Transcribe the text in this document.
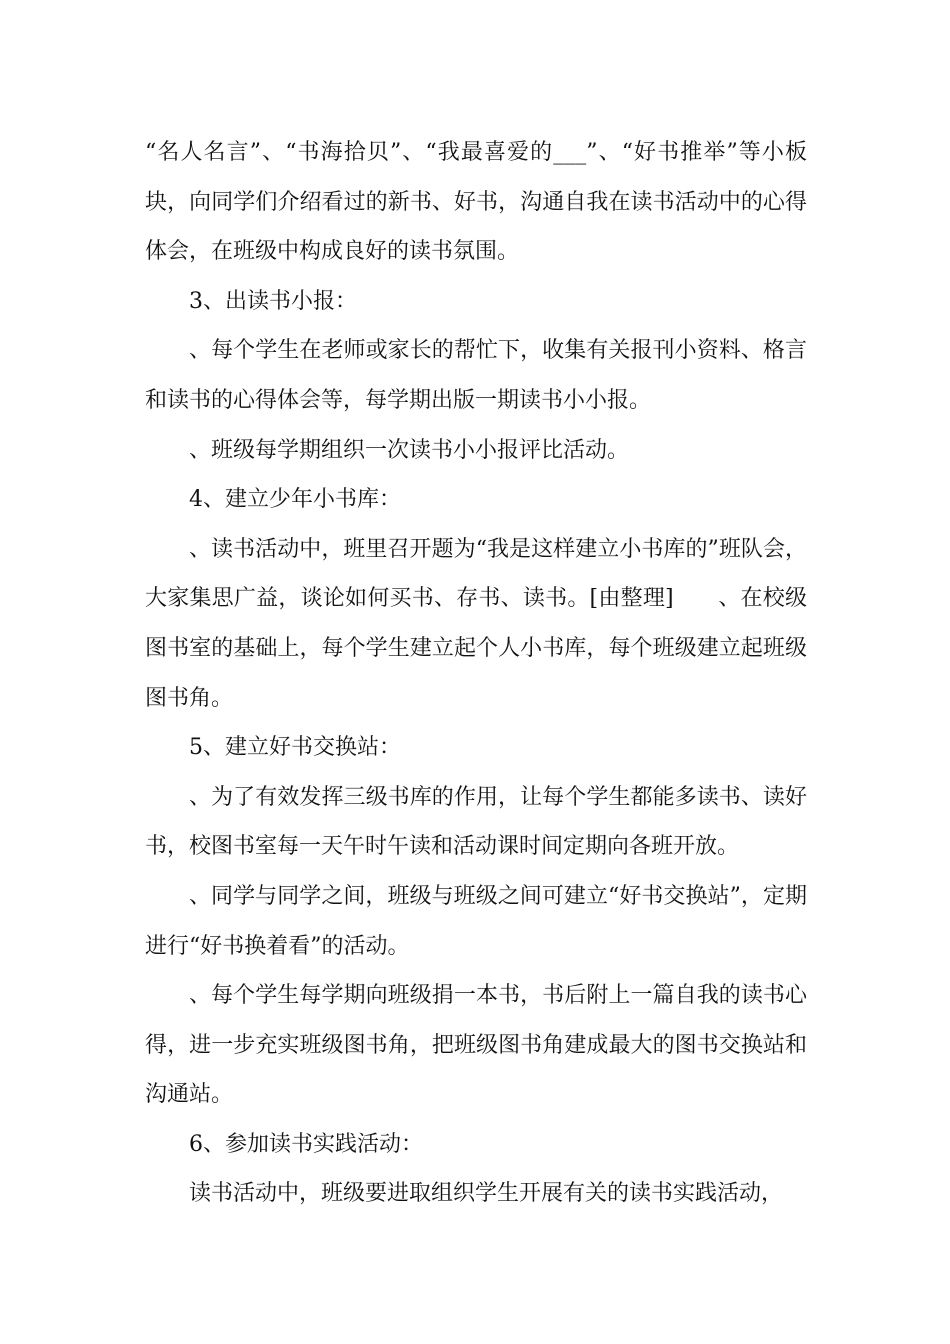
“名人名言”、“书海拾贝”、“我最喜爱的___”、“好书推举”等小板块，向同学们介绍看过的新书、好书，沟通自我在读书活动中的心得体会，在班级中构成良好的读书氛围。

3、出读书小报：

、每个学生在老师或家长的帮忙下，收集有关报刊小资料、格言和读书的心得体会等，每学期出版一期读书小小报。

、班级每学期组织一次读书小小报评比活动。

4、建立少年小书库：

、读书活动中，班里召开题为“我是这样建立小书库的”班队会，大家集思广益，谈论如何买书、存书、读书。[由整理]　　、在校级图书室的基础上，每个学生建立起个人小书库，每个班级建立起班级图书角。

5、建立好书交换站：

、为了有效发挥三级书库的作用，让每个学生都能多读书、读好书，校图书室每一天午时午读和活动课时间定期向各班开放。

、同学与同学之间，班级与班级之间可建立“好书交换站”，定期进行“好书换着看”的活动。

、每个学生每学期向班级捐一本书，书后附上一篇自我的读书心得，进一步充实班级图书角，把班级图书角建成最大的图书交换站和沟通站。

6、参加读书实践活动：

读书活动中，班级要进取组织学生开展有关的读书实践活动，
